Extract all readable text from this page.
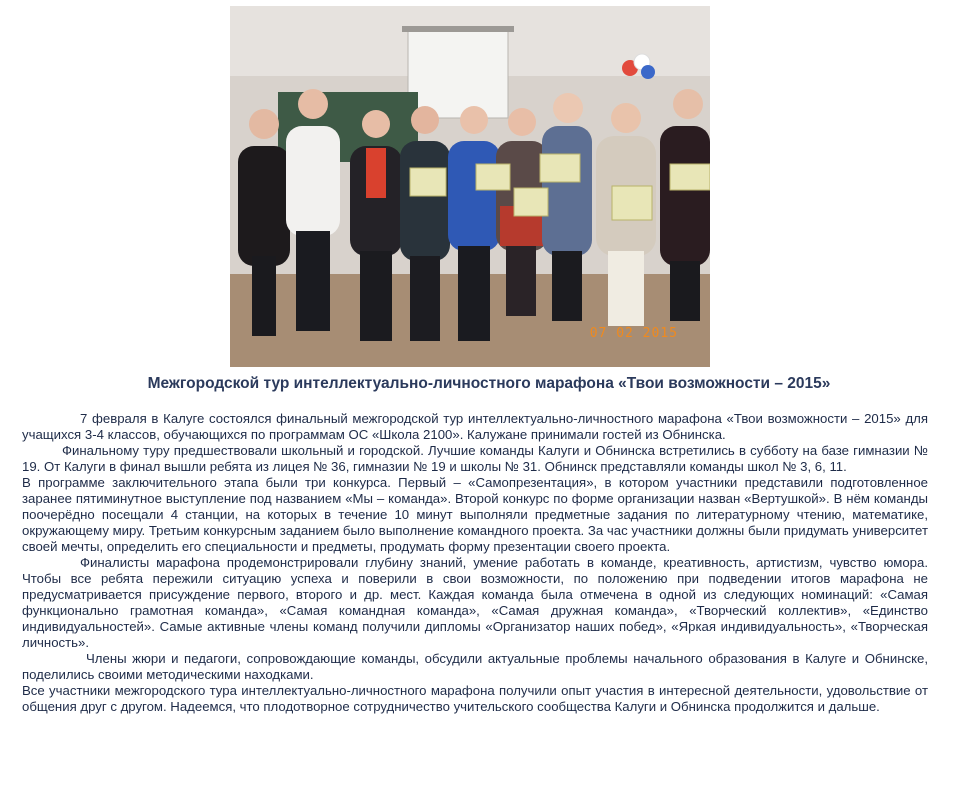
07 02 2015
Межгородской тур интеллектуально-личностного марафона «Твои возможности – 2015»

7 февраля в Калуге состоялся финальный межгородской тур интеллектуально-личностного марафона «Твои возможности – 2015» для учащихся 3-4 классов, обучающихся по программам ОС «Школа 2100». Калужане принимали гостей из Обнинска.

Финальному туру предшествовали школьный и городской. Лучшие команды Калуги и Обнинска встретились в субботу на базе гимназии № 19. От Калуги в финал вышли ребята из лицея № 36, гимназии № 19 и школы № 31. Обнинск представляли команды школ № 3, 6, 11.

В программе заключительного этапа были три конкурса. Первый – «Самопрезентация», в котором участники представили подготовленное заранее пятиминутное выступление под названием «Мы – команда». Второй конкурс по форме организации назван «Вертушкой». В нём команды поочерёдно посещали 4 станции, на которых в течение 10 минут выполняли предметные задания по литературному чтению, математике, окружающему миру. Третьим конкурсным заданием было выполнение командного проекта. За час участники должны были придумать университет своей мечты, определить его специальности и предметы, продумать форму презентации своего проекта.

Финалисты марафона продемонстрировали глубину знаний, умение работать в команде, креативность, артистизм, чувство юмора. Чтобы все ребята пережили ситуацию успеха и поверили в свои возможности, по положению при подведении итогов марафона не предусматривается присуждение первого, второго и др. мест. Каждая команда была отмечена в одной из следующих номинаций: «Самая функционально грамотная команда», «Самая командная команда», «Самая дружная команда», «Творческий коллектив», «Единство индивидуальностей». Самые активные члены команд получили дипломы «Организатор наших побед», «Яркая индивидуальность», «Творческая личность».

Члены жюри и педагоги, сопровождающие команды, обсудили актуальные проблемы начального образования в Калуге и Обнинске, поделились своими методическими находками.

Все участники межгородского тура интеллектуально-личностного марафона получили опыт участия в интересной деятельности, удовольствие от общения друг с другом. Надеемся, что плодотворное сотрудничество учительского сообщества Калуги и Обнинска продолжится и дальше.
